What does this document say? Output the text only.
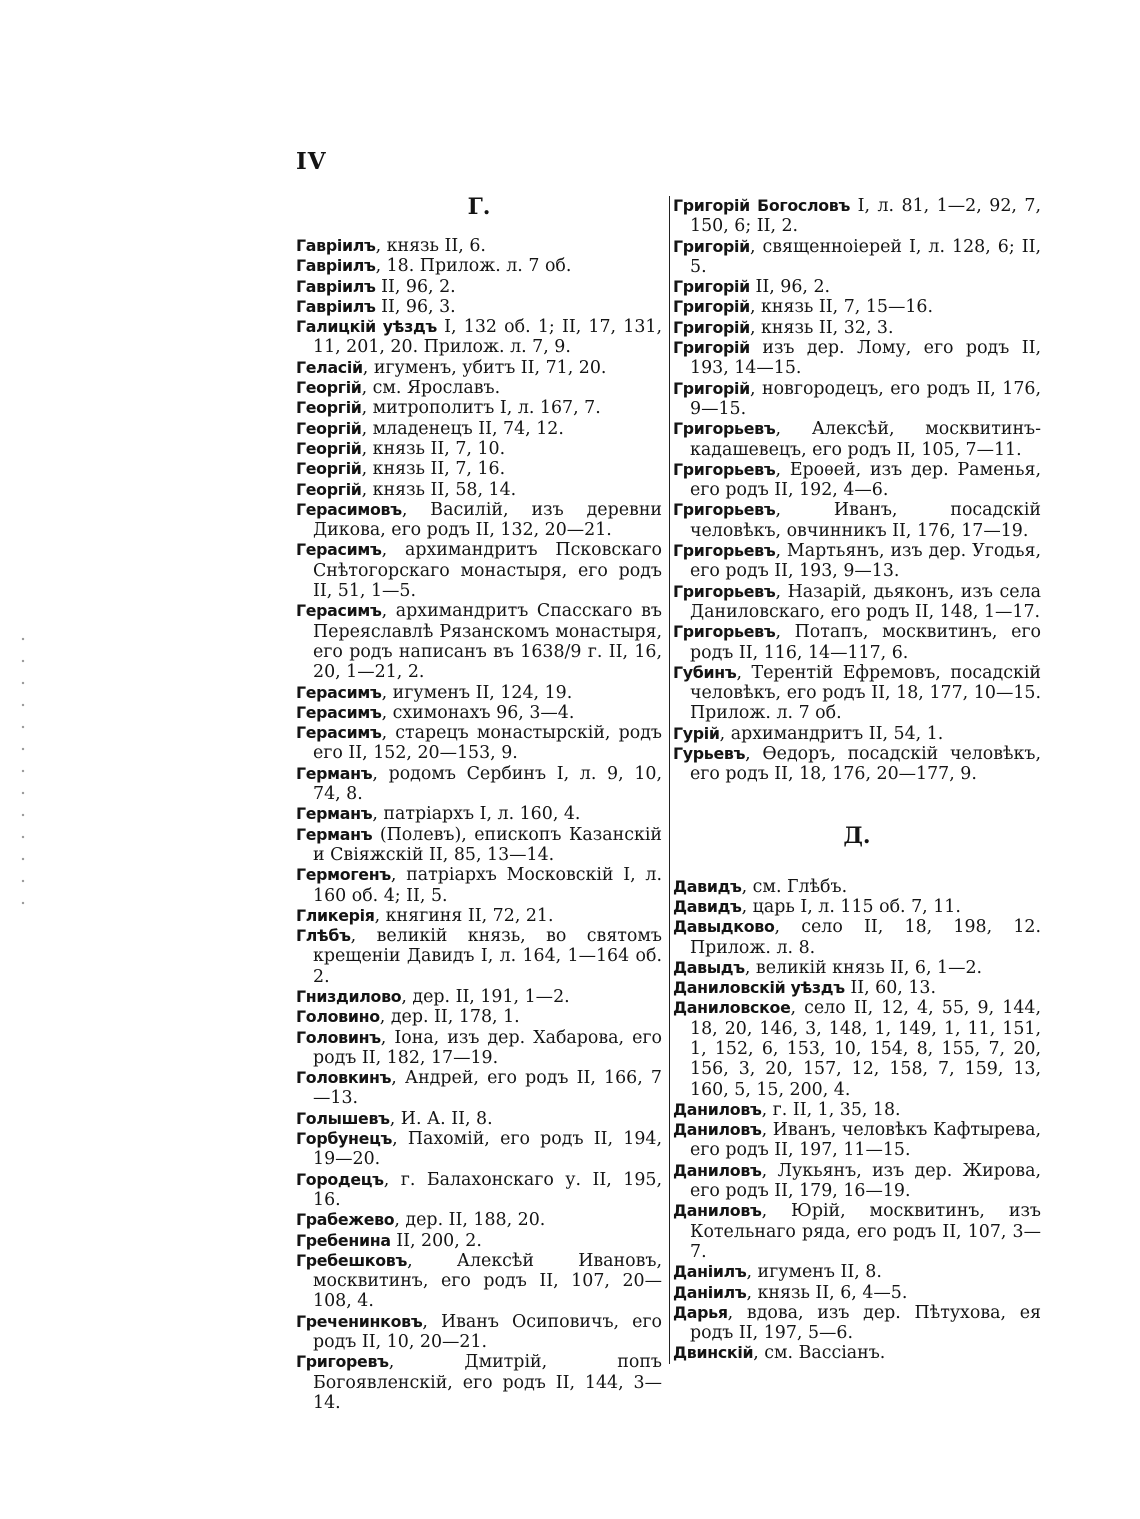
IV
Г.
Гаврiилъ, князь II, 6.
Гаврiилъ, 18. Прилож. л. 7 об.
Гаврiилъ II, 96, 2.
Гаврiилъ II, 96, 3.
Галицкiй уѣздъ I, 132 об. 1; II, 17, 131, 11, 201, 20. Прилож. л. 7, 9.
Геласiй, игуменъ, убитъ II, 71, 20.
Георгiй, см. Ярославъ.
Георгiй, митрополитъ I, л. 167, 7.
Георгiй, младенецъ II, 74, 12.
Георгiй, князь II, 7, 10.
Георгiй, князь II, 7, 16.
Георгiй, князь II, 58, 14.
Герасимовъ, Василiй, изъ деревни Дикова, его родъ II, 132, 20—21.
Герасимъ, архимандритъ Псковскаго Снѣтогорскаго монастыря, его родъ II, 51, 1—5.
Герасимъ, архимандритъ Спасскаго въ Переяславлѣ Рязанскомъ монастыря, его родъ написанъ въ 1638/9 г. II, 16, 20, 1—21, 2.
Герасимъ, игуменъ II, 124, 19.
Герасимъ, схимонахъ 96, 3—4.
Герасимъ, старецъ монастырскiй, родъ его II, 152, 20—153, 9.
Германъ, родомъ Сербинъ I, л. 9, 10, 74, 8.
Германъ, патрiархъ I, л. 160, 4.
Германъ (Полевъ), епископъ Казанскiй и Свiяжскiй II, 85, 13—14.
Гермогенъ, патрiархъ Московскiй I, л. 160 об. 4; II, 5.
Гликерiя, княгиня II, 72, 21.
Глѣбъ, великiй князь, во святомъ крещенiи Давидъ I, л. 164, 1—164 об. 2.
Гниздилово, дер. II, 191, 1—2.
Головино, дер. II, 178, 1.
Головинъ, Iона, изъ дер. Хабарова, его родъ II, 182, 17—19.
Головкинъ, Андрей, его родъ II, 166, 7—13.
Голышевъ, И. А. II, 8.
Горбунецъ, Пахомiй, его родъ II, 194, 19—20.
Городецъ, г. Балахонскаго у. II, 195, 16.
Грабежево, дер. II, 188, 20.
Гребенина II, 200, 2.
Гребешковъ, Алексѣй Ивановъ, москвитинъ, его родъ II, 107, 20—108, 4.
Греченинковъ, Иванъ Осиповичъ, его родъ II, 10, 20—21.
Григоревъ, Дмитрiй, попъ Богоявленскiй, его родъ II, 144, 3—14.
Григорiй Богословъ I, л. 81, 1—2, 92, 7, 150, 6; II, 2.
Григорiй, священноiерей I, л. 128, 6; II, 5.
Григорiй II, 96, 2.
Григорiй, князь II, 7, 15—16.
Григорiй, князь II, 32, 3.
Григорiй изъ дер. Лому, его родъ II, 193, 14—15.
Григорiй, новгородецъ, его родъ II, 176, 9—15.
Григорьевъ, Алексѣй, москвитинъ-кадашевецъ, его родъ II, 105, 7—11.
Григорьевъ, Ероѳей, изъ дер. Раменья, его родъ II, 192, 4—6.
Григорьевъ, Иванъ, посадскiй человѣкъ, овчинникъ II, 176, 17—19.
Григорьевъ, Мартьянъ, изъ дер. Угодья, его родъ II, 193, 9—13.
Григорьевъ, Назарiй, дьяконъ, изъ села Даниловскаго, его родъ II, 148, 1—17.
Григорьевъ, Потапъ, москвитинъ, его родъ II, 116, 14—117, 6.
Губинъ, Терентiй Ефремовъ, посадскiй человѣкъ, его родъ II, 18, 177, 10—15. Прилож. л. 7 об.
Гурiй, архимандритъ II, 54, 1.
Гурьевъ, Ѳедоръ, посадскiй человѣкъ, его родъ II, 18, 176, 20—177, 9.
Д.
Давидъ, см. Глѣбъ.
Давидъ, царь I, л. 115 об. 7, 11.
Давыдково, село II, 18, 198, 12. Прилож. л. 8.
Давыдъ, великiй князь II, 6, 1—2.
Даниловскiй уѣздъ II, 60, 13.
Даниловское, село II, 12, 4, 55, 9, 144, 18, 20, 146, 3, 148, 1, 149, 1, 11, 151, 1, 152, 6, 153, 10, 154, 8, 155, 7, 20, 156, 3, 20, 157, 12, 158, 7, 159, 13, 160, 5, 15, 200, 4.
Даниловъ, г. II, 1, 35, 18.
Даниловъ, Иванъ, человѣкъ Кафтырева, его родъ II, 197, 11—15.
Даниловъ, Лукьянъ, изъ дер. Жирова, его родъ II, 179, 16—19.
Даниловъ, Юрiй, москвитинъ, изъ Котельнаго ряда, его родъ II, 107, 3—7.
Данiилъ, игуменъ II, 8.
Данiилъ, князь II, 6, 4—5.
Дарья, вдова, изъ дер. Пѣтухова, ея родъ II, 197, 5—6.
Двинскiй, см. Вассiанъ.
